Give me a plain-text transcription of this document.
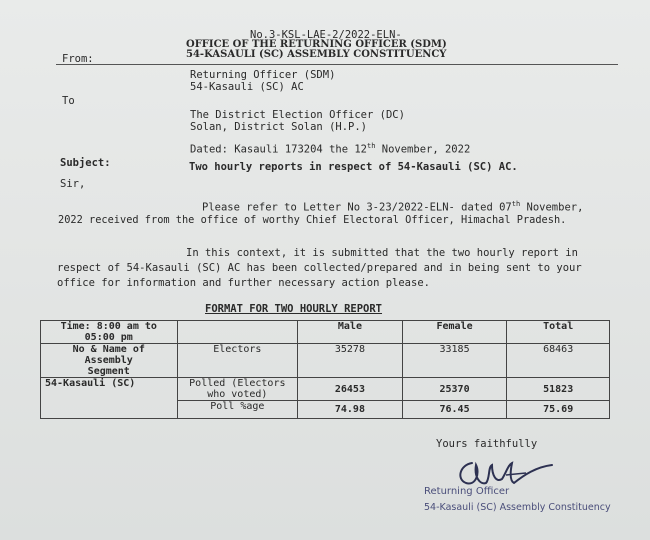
No.3-KSL-LAE-2/2022-ELN-
OFFICE OF THE RETURNING OFFICER (SDM)
54-KASAULI (SC) ASSEMBLY CONSTITUENCY
From:
Returning Officer (SDM)
54-Kasauli (SC) AC
To
The District Election Officer (DC)
Solan, District Solan (H.P.)
Dated: Kasauli 173204 the 12th November, 2022
Subject:	Two hourly reports in respect of 54-Kasauli (SC) AC.
Sir,
Please refer to Letter No 3-23/2022-ELN- dated 07th November,
2022 received from the office of worthy Chief Electoral Officer, Himachal Pradesh.
In this context, it is submitted that the two hourly report in
respect of 54-Kasauli (SC) AC has been collected/prepared and in being sent to your
office for information and further necessary action please.
FORMAT FOR TWO HOURLY REPORT
Time: 8:00 am to 05:00 pm		Male	Female	Total

No & Name of
Assembly
Segment	Electors	35278	33185	68463
54-Kasauli (SC)	Polled (Electors
who voted)	26453	25370	51823
	Poll %age	74.98	76.45	75.69
Yours faithfully
Returning Officer
54-Kasauli (SC) Assembly Constituency
